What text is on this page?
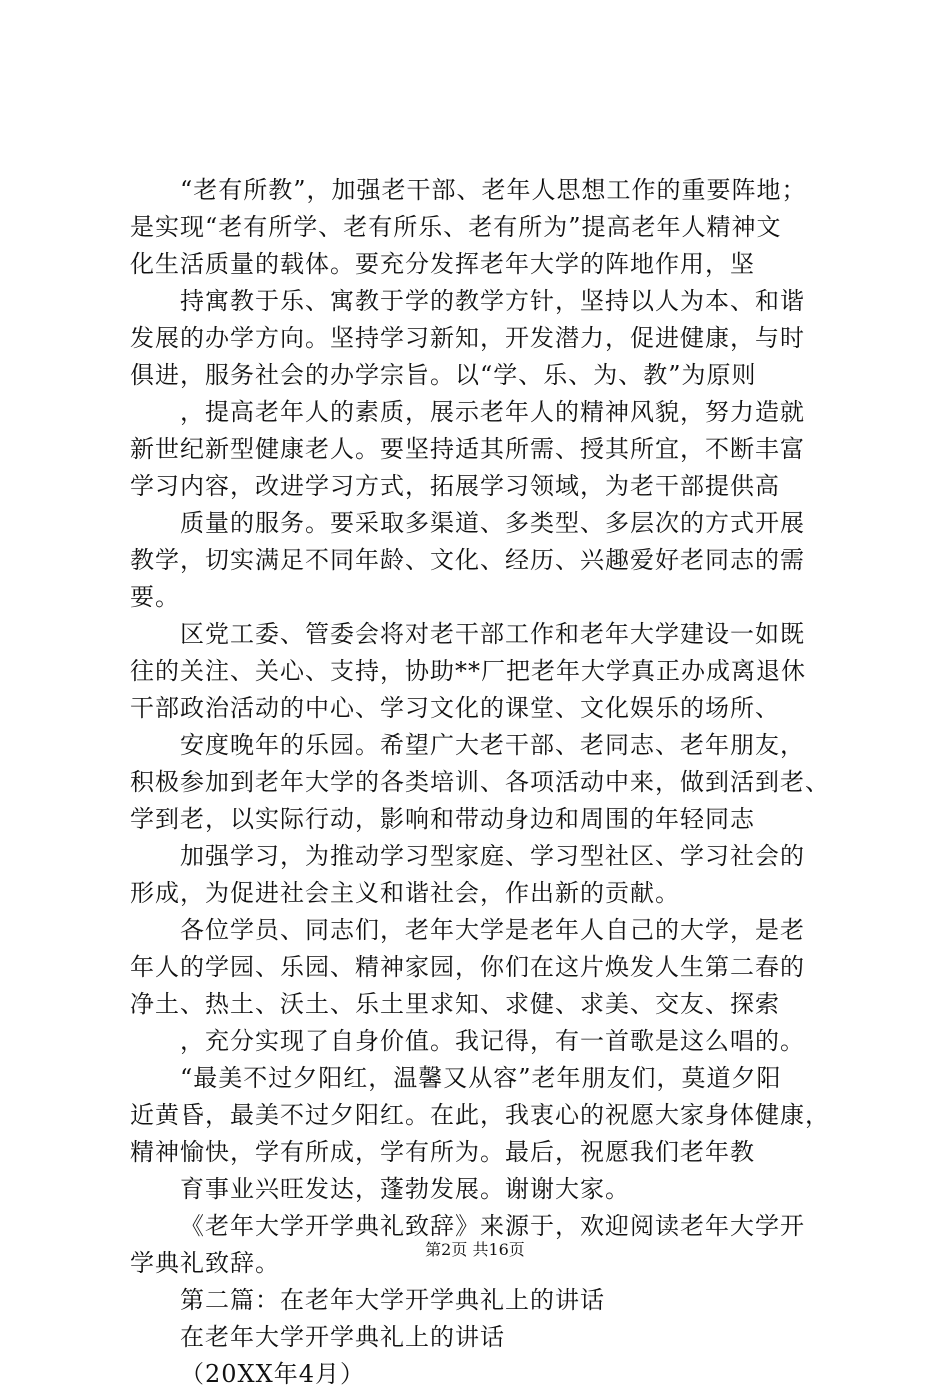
“老有所教”，加强老干部、老年人思想工作的重要阵地；
是实现“老有所学、老有所乐、老有所为”提高老年人精神文
化生活质量的载体。要充分发挥老年大学的阵地作用，坚
持寓教于乐、寓教于学的教学方针，坚持以人为本、和谐
发展的办学方向。坚持学习新知，开发潜力，促进健康，与时
俱进，服务社会的办学宗旨。以“学、乐、为、教”为原则
，提高老年人的素质，展示老年人的精神风貌，努力造就
新世纪新型健康老人。要坚持适其所需、授其所宜，不断丰富
学习内容，改进学习方式，拓展学习领域，为老干部提供高
质量的服务。要采取多渠道、多类型、多层次的方式开展
教学，切实满足不同年龄、文化、经历、兴趣爱好老同志的需
要。
区党工委、管委会将对老干部工作和老年大学建设一如既
往的关注、关心、支持，协助**厂把老年大学真正办成离退休
干部政治活动的中心、学习文化的课堂、文化娱乐的场所、
安度晚年的乐园。希望广大老干部、老同志、老年朋友，
积极参加到老年大学的各类培训、各项活动中来，做到活到老、
学到老，以实际行动，影响和带动身边和周围的年轻同志
加强学习，为推动学习型家庭、学习型社区、学习社会的
形成，为促进社会主义和谐社会，作出新的贡献。
各位学员、同志们，老年大学是老年人自己的大学，是老
年人的学园、乐园、精神家园，你们在这片焕发人生第二春的
净土、热土、沃土、乐土里求知、求健、求美、交友、探索
，充分实现了自身价值。我记得，有一首歌是这么唱的。
“最美不过夕阳红，温馨又从容”老年朋友们，莫道夕阳
近黄昏，最美不过夕阳红。在此，我衷心的祝愿大家身体健康，
精神愉快，学有所成，学有所为。最后，祝愿我们老年教
育事业兴旺发达，蓬勃发展。谢谢大家。
《老年大学开学典礼致辞》来源于，欢迎阅读老年大学开
学典礼致辞。
第二篇：在老年大学开学典礼上的讲话
在老年大学开学典礼上的讲话
（20XX年4月）
第2页 共16页
